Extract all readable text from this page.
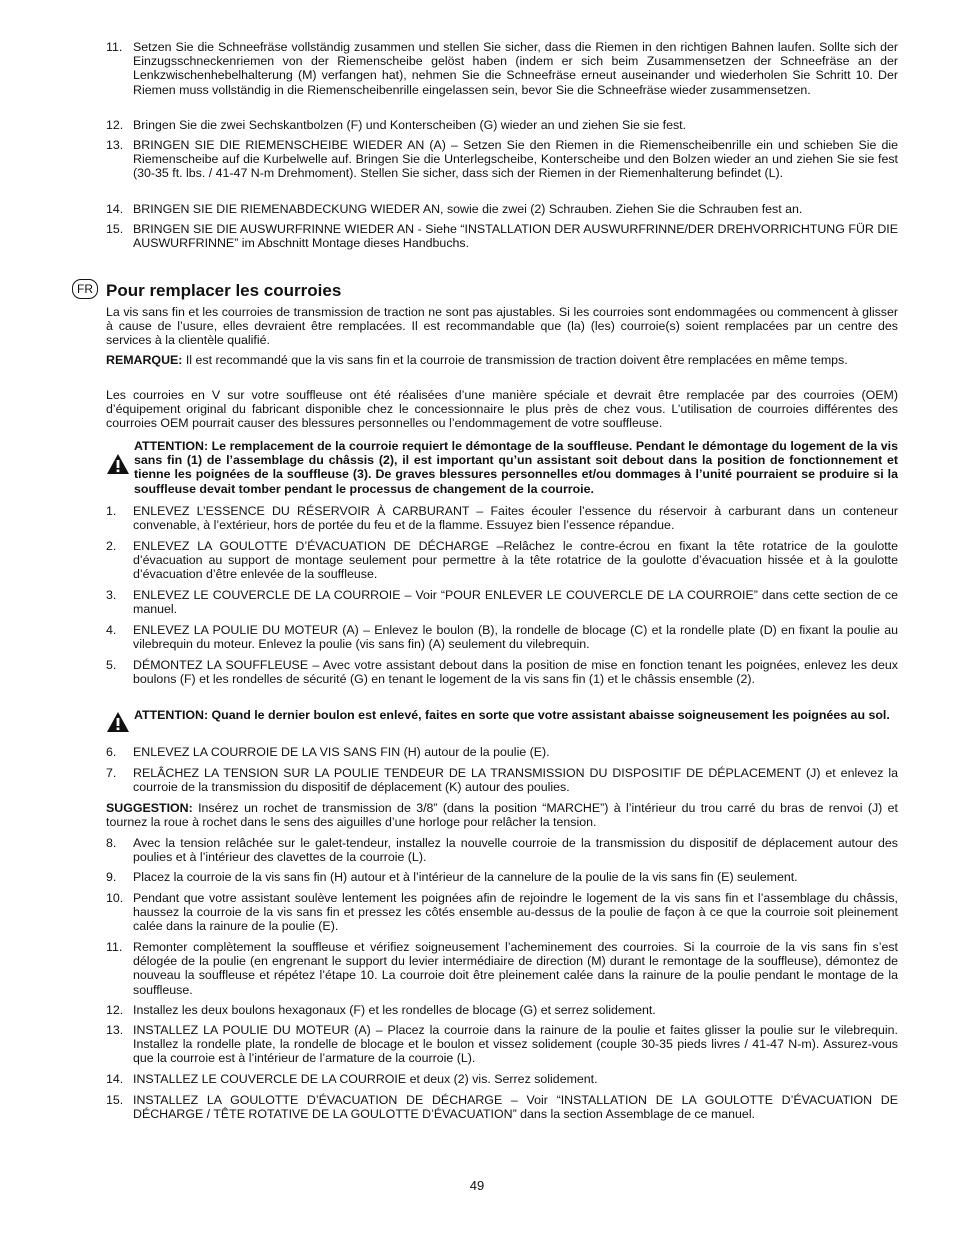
11. Setzen Sie die Schneefräse vollständig zusammen und stellen Sie sicher, dass die Riemen in den richtigen Bahnen laufen. Sollte sich der Einzugsschneckenriemen von der Riemenscheibe gelöst haben (indem er sich beim Zusammensetzen der Schneefräse an der Lenkzwischenhebelhalterung (M) verfangen hat), nehmen Sie die Schneefräse erneut auseinander und wiederholen Sie Schritt 10. Der Riemen muss vollständig in die Riemenscheibenrille eingelassen sein, bevor Sie die Schneefräse wieder zusammensetzen.
12. Bringen Sie die zwei Sechskantbolzen (F) und Konterscheiben (G) wieder an und ziehen Sie sie fest.
13. BRINGEN SIE DIE RIEMENSCHEIBE WIEDER AN (A) – Setzen Sie den Riemen in die Riemenscheibenrille ein und schieben Sie die Riemenscheibe auf die Kurbelwelle auf. Bringen Sie die Unterlegscheibe, Konterscheibe und den Bolzen wieder an und ziehen Sie sie fest (30-35 ft. lbs. / 41-47 N-m Drehmoment). Stellen Sie sicher, dass sich der Riemen in der Riemenhalterung befindet (L).
14. BRINGEN SIE DIE RIEMENABDECKUNG WIEDER AN, sowie die zwei (2) Schrauben. Ziehen Sie die Schrauben fest an.
15. BRINGEN SIE DIE AUSWURFRINNE WIEDER AN - Siehe “INSTALLATION DER AUSWURFRINNE/DER DREHVORRICHTUNG FÜR DIE AUSWURFRINNE” im Abschnitt Montage dieses Handbuchs.
FR Pour remplacer les courroies
La vis sans fin et les courroies de transmission de traction ne sont pas ajustables. Si les courroies sont endommagées ou commencent à glisser à cause de l’usure, elles devraient être remplacées. Il est recommandable que (la) (les) courroie(s) soient remplacées par un centre des services à la clientèle qualifié.
REMARQUE: Il est recommandé que la vis sans fin et la courroie de transmission de traction doivent être remplacées en même temps.
Les courroies en V sur votre souffleuse ont été réalisées d’une manière spéciale et devrait être remplacée par des courroies (OEM) d’équipement original du fabricant disponible chez le concessionnaire le plus près de chez vous. L’utilisation de courroies différentes des courroies OEM pourrait causer des blessures personnelles ou l’endommagement de votre souffleuse.
ATTENTION: Le remplacement de la courroie requiert le démontage de la souffleuse. Pendant le démontage du logement de la vis sans fin (1) de l’assemblage du châssis (2), il est important qu’un assistant soit debout dans la position de fonctionnement et tienne les poignées de la souffleuse (3). De graves blessures personnelles et/ou dommages à l’unité pourraient se produire si la souffleuse devait tomber pendant le processus de changement de la courroie.
1.	ENLEVEZ L’ESSENCE DU RÉSERVOIR À CARBURANT – Faites écouler l’essence du réservoir à carburant dans un conteneur convenable, à l’extérieur, hors de portée du feu et de la flamme. Essuyez bien l’essence répandue.
2.	ENLEVEZ LA GOULOTTE D’ÉVACUATION DE DÉCHARGE –Relâchez le contre-écrou en fixant la tête rotatrice de la goulotte d’évacuation au support de montage seulement pour permettre à la tête rotatrice de la goulotte d’évacuation hissée et à la goulotte d’évacuation d’être enlevée de la souffleuse.
3.	ENLEVEZ LE COUVERCLE DE LA COURROIE – Voir “POUR ENLEVER LE COUVERCLE DE LA COURROIE” dans cette section de ce manuel.
4.	ENLEVEZ LA POULIE DU MOTEUR (A) – Enlevez le boulon (B), la rondelle de blocage (C) et la rondelle plate (D) en fixant la poulie au vilebrequin du moteur. Enlevez la poulie (vis sans fin) (A) seulement du vilebrequin.
5.	DÉMONTEZ LA SOUFFLEUSE – Avec votre assistant debout dans la position de mise en fonction tenant les poignées, enlevez les deux boulons (F) et les rondelles de sécurité (G) en tenant le logement de la vis sans fin (1) et le châssis ensemble (2).
ATTENTION: Quand le dernier boulon est enlevé, faites en sorte que votre assistant abaisse soigneusement les poignées au sol.
6.	ENLEVEZ LA COURROIE DE LA VIS SANS FIN (H) autour de la poulie (E).
7.	RELÂCHEZ LA TENSION SUR LA POULIE TENDEUR DE LA TRANSMISSION DU DISPOSITIF DE DÉPLACEMENT (J) et enlevez la courroie de la transmission du dispositif de déplacement (K) autour des poulies.
SUGGESTION: Insérez un rochet de transmission de 3/8” (dans la position “MARCHE”) à l’intérieur du trou carré du bras de renvoi (J) et tournez la roue à rochet dans le sens des aiguilles d’une horloge pour relâcher la tension.
8.	Avec la tension relâchée sur le galet-tendeur, installez la nouvelle courroie de la transmission du dispositif de déplacement autour des poulies et à l’intérieur des clavettes de la courroie (L).
9.	Placez la courroie de la vis sans fin (H) autour et à l’intérieur de la cannelure de la poulie de la vis sans fin (E) seulement.
10. Pendant que votre assistant soulève lentement les poignées afin de rejoindre le logement de la vis sans fin et l’assemblage du châssis, haussez la courroie de la vis sans fin et pressez les côtés ensemble au-dessus de la poulie de façon à ce que la courroie soit pleinement calée dans la rainure de la poulie (E).
11. Remonter complètement la souffleuse et vérifiez soigneusement l’acheminement des courroies. Si la courroie de la vis sans fin s’est délogée de la poulie (en engrenant le support du levier intermédiaire de direction (M) durant le remontage de la souffleuse), démontez de nouveau la souffleuse et répétez l’étape 10. La courroie doit être pleinement calée dans la rainure de la poulie pendant le montage de la souffleuse.
12. Installez les deux boulons hexagonaux (F) et les rondelles de blocage (G) et serrez solidement.
13. INSTALLEZ LA POULIE DU MOTEUR (A) – Placez la courroie dans la rainure de la poulie et faites glisser la poulie sur le vilebrequin. Installez la rondelle plate, la rondelle de blocage et le boulon et vissez solidement (couple 30-35 pieds livres / 41-47 N-m). Assurez-vous que la courroie est à l’intérieur de l’armature de la courroie (L).
14. INSTALLEZ LE COUVERCLE DE LA COURROIE et deux (2) vis. Serrez solidement.
15. INSTALLEZ LA GOULOTTE D’ÉVACUATION DE DÉCHARGE – Voir “INSTALLATION DE LA GOULOTTE D’ÉVACUATION DE DÉCHARGE / TÊTE ROTATIVE DE LA GOULOTTE D’ÉVACUATION” dans la section Assemblage de ce manuel.
49
